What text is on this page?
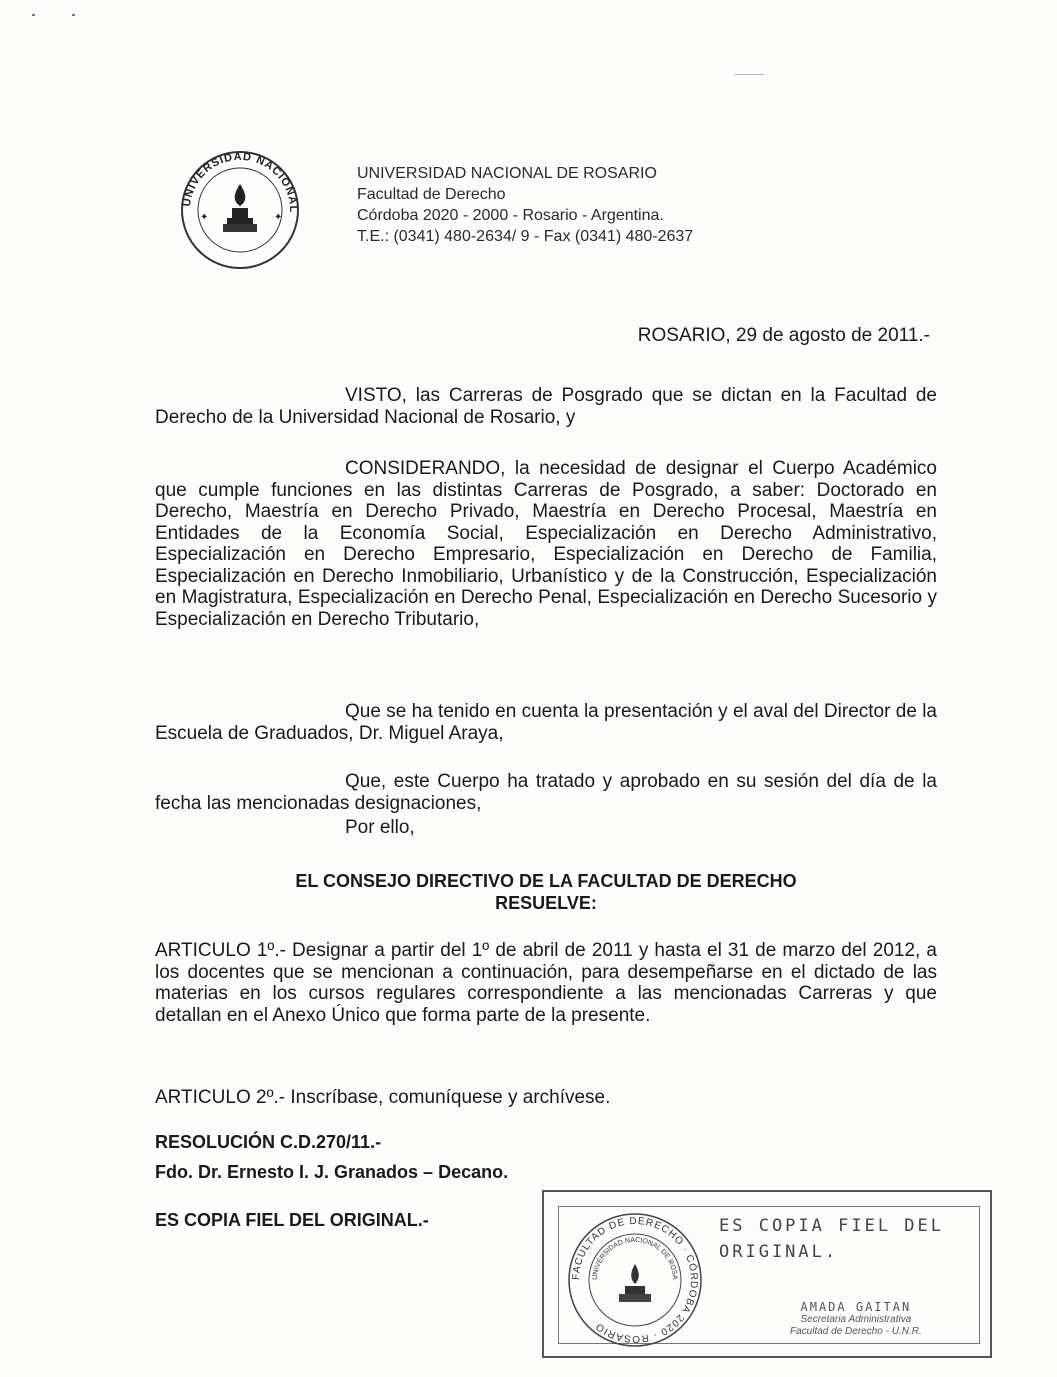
UNIVERSIDAD NACIONAL
✦	✦
UNIVERSIDAD NACIONAL DE ROSARIO
Facultad de Derecho
Córdoba 2020 - 2000 - Rosario - Argentina.
T.E.: (0341) 480-2634/ 9 - Fax (0341) 480-2637
ROSARIO, 29 de agosto de 2011.-
VISTO, las Carreras de Posgrado que se dictan en la Facultad de Derecho de la Universidad Nacional de Rosario, y
CONSIDERANDO, la necesidad de designar el Cuerpo Académico que cumple funciones en las distintas Carreras de Posgrado, a saber: Doctorado en Derecho, Maestría en Derecho Privado, Maestría en Derecho Procesal, Maestría en Entidades de la Economía Social, Especialización en Derecho Administrativo, Especialización en Derecho Empresario, Especialización en Derecho de Familia, Especialización en Derecho Inmobiliario, Urbanístico y de la Construcción, Especialización en Magistratura, Especialización en Derecho Penal, Especialización en Derecho Sucesorio y Especialización en Derecho Tributario,
Que se ha tenido en cuenta la presentación y el aval del Director de la Escuela de Graduados, Dr. Miguel Araya,
Que, este Cuerpo ha tratado y aprobado en su sesión del día de la fecha las mencionadas designaciones,
Por ello,
EL CONSEJO DIRECTIVO DE LA FACULTAD DE DERECHO
RESUELVE:
ARTICULO 1º.- Designar a partir del 1º de abril de 2011 y hasta el 31 de marzo del 2012, a los docentes que se mencionan a continuación, para desempeñarse en el dictado de las materias en los cursos regulares correspondiente a las mencionadas Carreras y que detallan en el Anexo Único que forma parte de la presente.
ARTICULO 2º.- Inscríbase, comuníquese y archívese.
RESOLUCIÓN C.D.270/11.-
Fdo. Dr. Ernesto I. J. Granados – Decano.
ES COPIA FIEL DEL ORIGINAL.-
FACULTAD DE DERECHO · CÓRDOBA 2020 · ROSARIO
UNIVERSIDAD NACIONAL DE ROSA
ES COPIA FIEL DEL
ORIGINAL.
AMADA GAITAN
Secretaria Administrativa
Facultad de Derecho - U.N.R.
